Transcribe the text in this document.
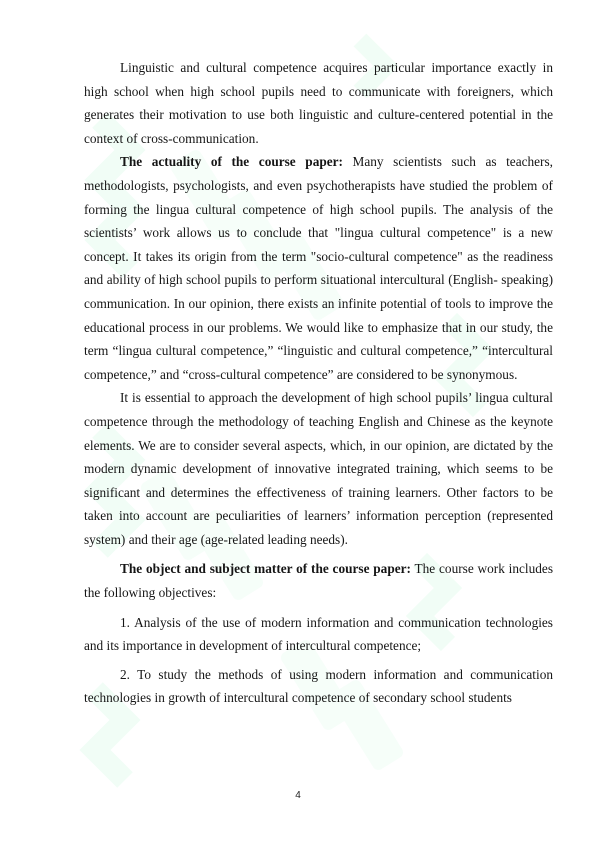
Linguistic and cultural competence acquires particular importance exactly in high school when high school pupils need to communicate with foreigners, which generates their motivation to use both linguistic and culture-centered potential in the context of cross-communication.

The actuality of the course paper: Many scientists such as teachers, methodologists, psychologists, and even psychotherapists have studied the problem of forming the lingua cultural competence of high school pupils. The analysis of the scientists’ work allows us to conclude that "lingua cultural competence" is a new concept. It takes its origin from the term "socio-cultural competence" as the readiness and ability of high school pupils to perform situational intercultural (English- speaking) communication. In our opinion, there exists an infinite potential of tools to improve the educational process in our problems. We would like to emphasize that in our study, the term “lingua cultural competence,” “linguistic and cultural competence,” “intercultural competence,” and “cross-cultural competence” are considered to be synonymous.

It is essential to approach the development of high school pupils’ lingua cultural competence through the methodology of teaching English and Chinese as the keynote elements. We are to consider several aspects, which, in our opinion, are dictated by the modern dynamic development of innovative integrated training, which seems to be significant and determines the effectiveness of training learners. Other factors to be taken into account are peculiarities of learners’ information perception (represented system) and their age (age-related leading needs).

The object and subject matter of the course paper: The course work includes the following objectives:

1. Analysis of the use of modern information and communication technologies and its importance in development of intercultural competence;

2. To study the methods of using modern information and communication technologies in growth of intercultural competence of secondary school students

4
